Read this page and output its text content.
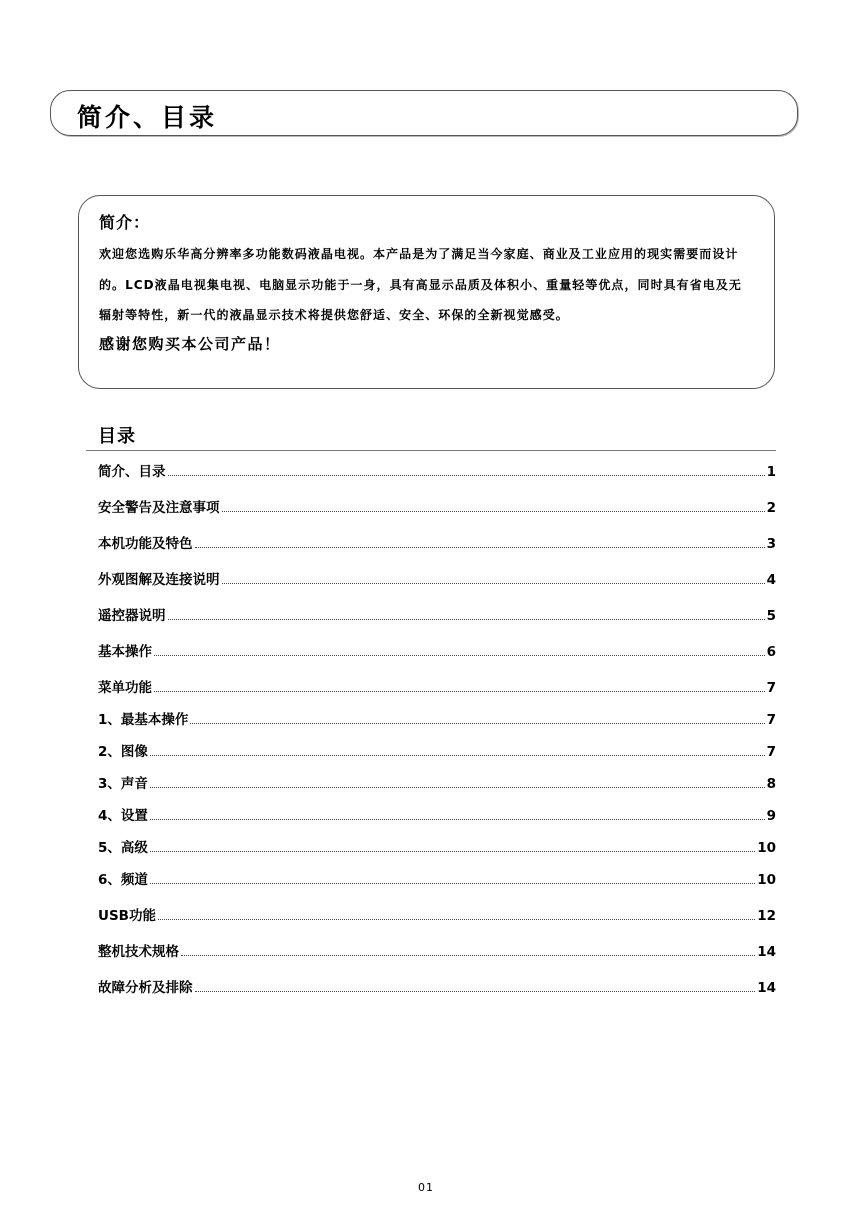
简介、目录
简介：
欢迎您选购乐华高分辨率多功能数码液晶电视。本产品是为了满足当今家庭、商业及工业应用的现实需要而设计的。LCD液晶电视集电视、电脑显示功能于一身，具有高显示品质及体积小、重量轻等优点，同时具有省电及无辐射等特性，新一代的液晶显示技术将提供您舒适、安全、环保的全新视觉感受。
感谢您购买本公司产品！
目录
简介、目录	1
安全警告及注意事项	2
本机功能及特色	3
外观图解及连接说明	4
遥控器说明	5
基本操作	6
菜单功能	7
1、最基本操作	7
2、图像	7
3、声音	8
4、设置	9
5、高级	10
6、频道	10
USB功能	12
整机技术规格	14
故障分析及排除	14
01
